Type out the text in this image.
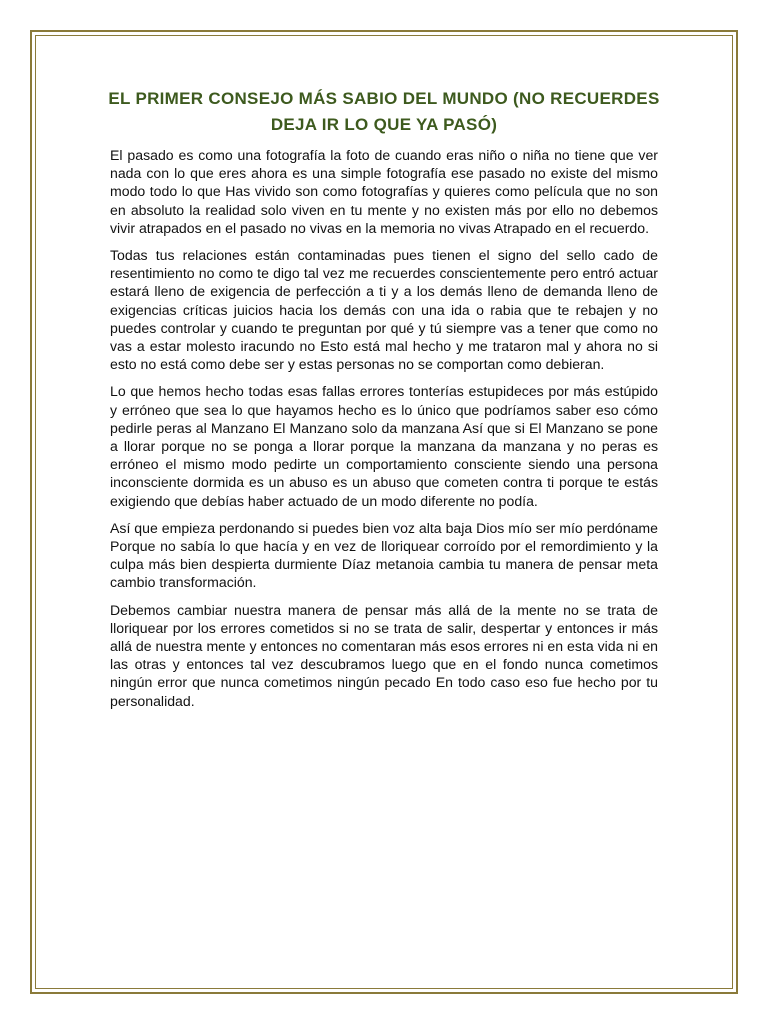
EL PRIMER CONSEJO MÁS SABIO DEL MUNDO (NO RECUERDES DEJA IR LO QUE YA PASÓ)

El pasado es como una fotografía la foto de cuando eras niño o niña no tiene que ver nada con lo que eres ahora es una simple fotografía ese pasado no existe del mismo modo todo lo que Has vivido son como fotografías y quieres como película que no son en absoluto la realidad solo viven en tu mente y no existen más por ello no debemos vivir atrapados en el pasado no vivas en la memoria no vivas Atrapado en el recuerdo.

Todas tus relaciones están contaminadas pues tienen el signo del sello cado de resentimiento no como te digo tal vez me recuerdes conscientemente pero entró actuar estará lleno de exigencia de perfección a ti y a los demás lleno de demanda lleno de exigencias críticas juicios hacia los demás con una ida o rabia que te rebajen y no puedes controlar y cuando te preguntan por qué y tú siempre vas a tener que como no vas a estar molesto iracundo no Esto está mal hecho y me trataron mal y ahora no si esto no está como debe ser y estas personas no se comportan como debieran.

Lo que hemos hecho todas esas fallas errores tonterías estupideces por más estúpido y erróneo que sea lo que hayamos hecho es lo único que podríamos saber eso cómo pedirle peras al Manzano El Manzano solo da manzana Así que si El Manzano se pone a llorar porque no se ponga a llorar porque la manzana da manzana y no peras es erróneo el mismo modo pedirte un comportamiento consciente siendo una persona inconsciente dormida es un abuso es un abuso que cometen contra ti porque te estás exigiendo que debías haber actuado de un modo diferente no podía.

Así que empieza perdonando si puedes bien voz alta baja Dios mío ser mío perdóname Porque no sabía lo que hacía y en vez de lloriquear corroído por el remordimiento y la culpa más bien despierta durmiente Díaz metanoia cambia tu manera de pensar meta cambio transformación.

Debemos cambiar nuestra manera de pensar más allá de la mente no se trata de lloriquear por los errores cometidos si no se trata de salir, despertar y entonces ir más allá de nuestra mente y entonces no comentaran más esos errores ni en esta vida ni en las otras y entonces tal vez descubramos luego que en el fondo nunca cometimos ningún error que nunca cometimos ningún pecado En todo caso eso fue hecho por tu personalidad.
